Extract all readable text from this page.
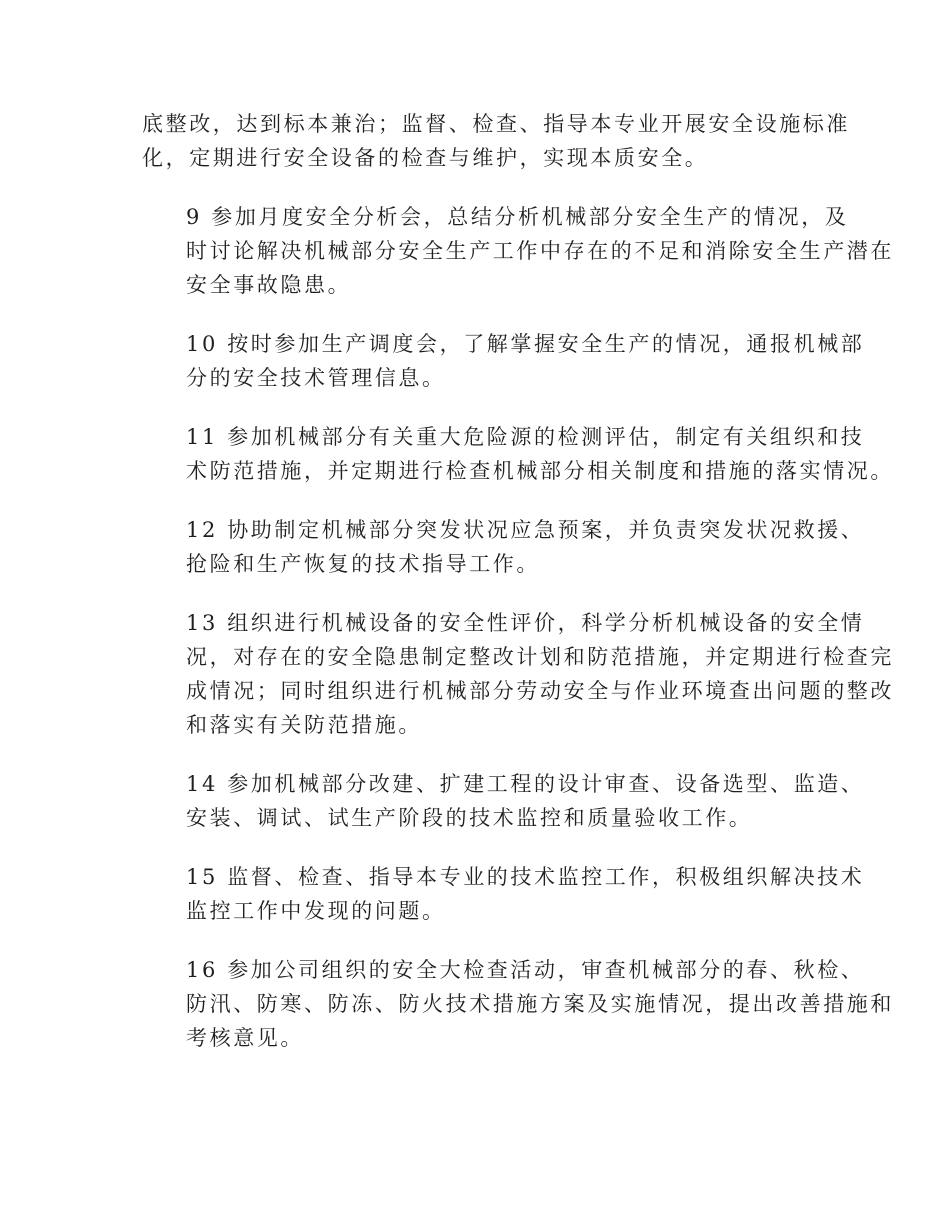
底整改，达到标本兼治；监督、检查、指导本专业开展安全设施标准
化，定期进行安全设备的检查与维护，实现本质安全。

9 参加月度安全分析会，总结分析机械部分安全生产的情况，及
时讨论解决机械部分安全生产工作中存在的不足和消除安全生产潜在
安全事故隐患。

10 按时参加生产调度会，了解掌握安全生产的情况，通报机械部
分的安全技术管理信息。

11 参加机械部分有关重大危险源的检测评估，制定有关组织和技
术防范措施，并定期进行检查机械部分相关制度和措施的落实情况。

12 协助制定机械部分突发状况应急预案，并负责突发状况救援、
抢险和生产恢复的技术指导工作。

13 组织进行机械设备的安全性评价，科学分析机械设备的安全情
况，对存在的安全隐患制定整改计划和防范措施，并定期进行检查完
成情况；同时组织进行机械部分劳动安全与作业环境查出问题的整改
和落实有关防范措施。

14 参加机械部分改建、扩建工程的设计审查、设备选型、监造、
安装、调试、试生产阶段的技术监控和质量验收工作。

15 监督、检查、指导本专业的技术监控工作，积极组织解决技术
监控工作中发现的问题。

16 参加公司组织的安全大检查活动，审查机械部分的春、秋检、
防汛、防寒、防冻、防火技术措施方案及实施情况，提出改善措施和
考核意见。
